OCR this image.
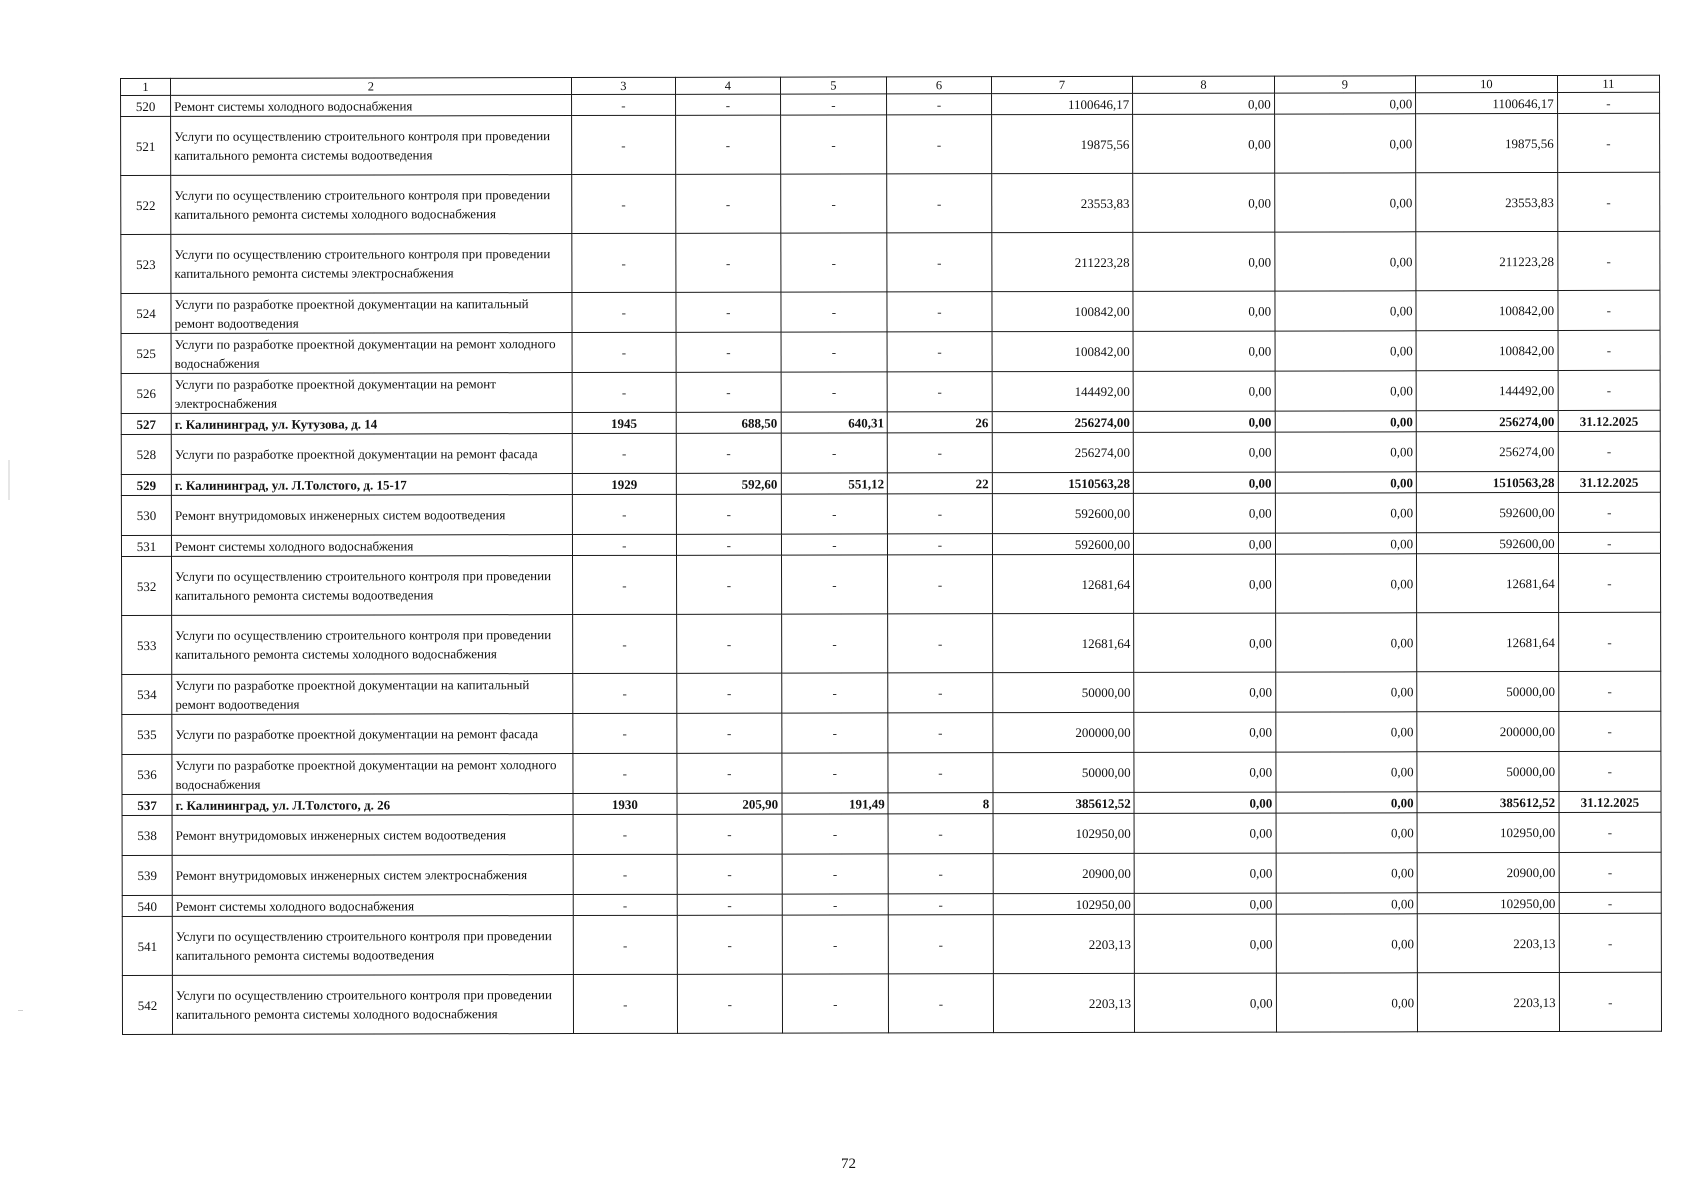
1	2	3	4	5	6	7	8	9	10	11
520	Ремонт системы холодного водоснабжения	-	-	-	-	1100646,17	0,00	0,00	1100646,17	-
521	Услуги по осуществлению строительного контроля при проведении капитального ремонта системы водоотведения	-	-	-	-	19875,56	0,00	0,00	19875,56	-
522	Услуги по осуществлению строительного контроля при проведении капитального ремонта системы холодного водоснабжения	-	-	-	-	23553,83	0,00	0,00	23553,83	-
523	Услуги по осуществлению строительного контроля при проведении капитального ремонта системы электроснабжения	-	-	-	-	211223,28	0,00	0,00	211223,28	-
524	Услуги по разработке проектной документации на капитальный ремонт водоотведения	-	-	-	-	100842,00	0,00	0,00	100842,00	-
525	Услуги по разработке проектной документации на ремонт холодного водоснабжения	-	-	-	-	100842,00	0,00	0,00	100842,00	-
526	Услуги по разработке проектной документации на ремонт электроснабжения	-	-	-	-	144492,00	0,00	0,00	144492,00	-
527	г. Калининград, ул. Кутузова, д. 14	1945	688,50	640,31	26	256274,00	0,00	0,00	256274,00	31.12.2025
528	Услуги по разработке проектной документации на ремонт фасада	-	-	-	-	256274,00	0,00	0,00	256274,00	-
529	г. Калининград, ул. Л.Толстого, д. 15-17	1929	592,60	551,12	22	1510563,28	0,00	0,00	1510563,28	31.12.2025
530	Ремонт внутридомовых инженерных систем водоотведения	-	-	-	-	592600,00	0,00	0,00	592600,00	-
531	Ремонт системы холодного водоснабжения	-	-	-	-	592600,00	0,00	0,00	592600,00	-
532	Услуги по осуществлению строительного контроля при проведении капитального ремонта системы водоотведения	-	-	-	-	12681,64	0,00	0,00	12681,64	-
533	Услуги по осуществлению строительного контроля при проведении капитального ремонта системы холодного водоснабжения	-	-	-	-	12681,64	0,00	0,00	12681,64	-
534	Услуги по разработке проектной документации на капитальный ремонт водоотведения	-	-	-	-	50000,00	0,00	0,00	50000,00	-
535	Услуги по разработке проектной документации на ремонт фасада	-	-	-	-	200000,00	0,00	0,00	200000,00	-
536	Услуги по разработке проектной документации на ремонт холодного водоснабжения	-	-	-	-	50000,00	0,00	0,00	50000,00	-
537	г. Калининград, ул. Л.Толстого, д. 26	1930	205,90	191,49	8	385612,52	0,00	0,00	385612,52	31.12.2025
538	Ремонт внутридомовых инженерных систем водоотведения	-	-	-	-	102950,00	0,00	0,00	102950,00	-
539	Ремонт внутридомовых инженерных систем электроснабжения	-	-	-	-	20900,00	0,00	0,00	20900,00	-
540	Ремонт системы холодного водоснабжения	-	-	-	-	102950,00	0,00	0,00	102950,00	-
541	Услуги по осуществлению строительного контроля при проведении капитального ремонта системы водоотведения	-	-	-	-	2203,13	0,00	0,00	2203,13	-
542	Услуги по осуществлению строительного контроля при проведении капитального ремонта системы холодного водоснабжения	-	-	-	-	2203,13	0,00	0,00	2203,13	-
72
